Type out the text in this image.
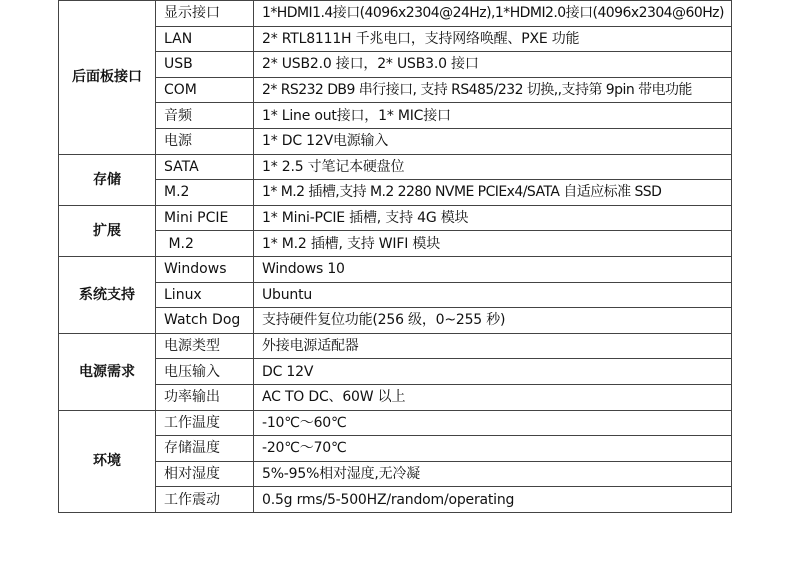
后面板接口	显示接口	1*HDMI1.4接口(4096x2304@24Hz),1*HDMI2.0接口(4096x2304@60Hz)
	LAN	2* RTL8111H 千兆电口，支持网络唤醒、PXE 功能
	USB	2* USB2.0 接口，2* USB3.0 接口
	COM	2* RS232 DB9 串行接口, 支持 RS485/232 切换,,支持第 9pin 带电功能
	音频	1* Line out接口，1* MIC接口
	电源	1* DC 12V电源输入
存储	SATA	1* 2.5 寸笔记本硬盘位
	M.2	1* M.2 插槽,支持 M.2 2280 NVME PCIEx4/SATA 自适应标准 SSD
扩展	Mini PCIE	1* Mini-PCIE 插槽, 支持 4G 模块
	M.2	1* M.2 插槽, 支持 WIFI 模块
系统支持	Windows	Windows 10
	Linux	Ubuntu
	Watch Dog	支持硬件复位功能(256 级，0~255 秒)
电源需求	电源类型	外接电源适配器
	电压输入	DC 12V
	功率输出	AC TO DC、60W 以上
环境	工作温度	-10℃～60℃
	存储温度	-20℃～70℃
	相对湿度	5%-95%相对湿度,无冷凝
	工作震动	0.5g rms/5-500HZ/random/operating
